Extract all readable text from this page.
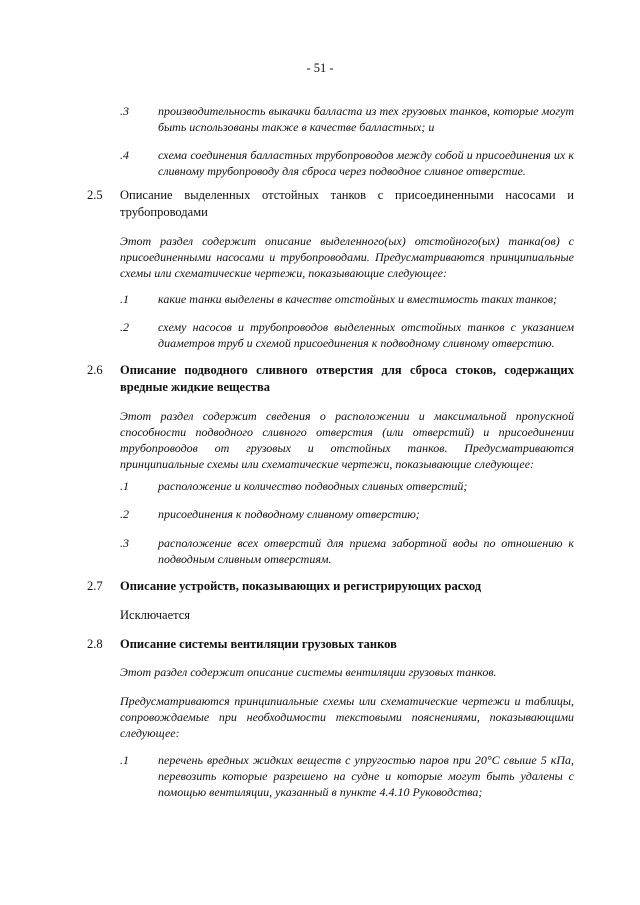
- 51 -
.3 производительность выкачки балласта из тех грузовых танков, которые могут быть использованы также в качестве балластных; и
.4 схема соединения балластных трубопроводов между собой и присоединения их к сливному трубопроводу для сброса через подводное сливное отверстие.
2.5 Описание выделенных отстойных танков с присоединенными насосами и трубопроводами
Этот раздел содержит описание выделенного(ых) отстойного(ых) танка(ов) с присоединенными насосами и трубопроводами. Предусматриваются принципиальные схемы или схематические чертежи, показывающие следующее:
.1 какие танки выделены в качестве отстойных и вместимость таких танков;
.2 схему насосов и трубопроводов выделенных отстойных танков с указанием диаметров труб и схемой присоединения к подводному сливному отверстию.
2.6 Описание подводного сливного отверстия для сброса стоков, содержащих вредные жидкие вещества
Этот раздел содержит сведения о расположении и максимальной пропускной способности подводного сливного отверстия (или отверстий) и присоединении трубопроводов от грузовых и отстойных танков. Предусматриваются принципиальные схемы или схематические чертежи, показывающие следующее:
.1 расположение и количество подводных сливных отверстий;
.2 присоединения к подводному сливному отверстию;
.3 расположение всех отверстий для приема забортной воды по отношению к подводным сливным отверстиям.
2.7 Описание устройств, показывающих и регистрирующих расход
Исключается
2.8 Описание системы вентиляции грузовых танков
Этот раздел содержит описание системы вентиляции грузовых танков.
Предусматриваются принципиальные схемы или схематические чертежи и таблицы, сопровождаемые при необходимости текстовыми пояснениями, показывающими следующее:
.1 перечень вредных жидких веществ с упругостью паров при 20°С свыше 5 кПа, перевозить которые разрешено на судне и которые могут быть удалены с помощью вентиляции, указанный в пункте 4.4.10 Руководства;
